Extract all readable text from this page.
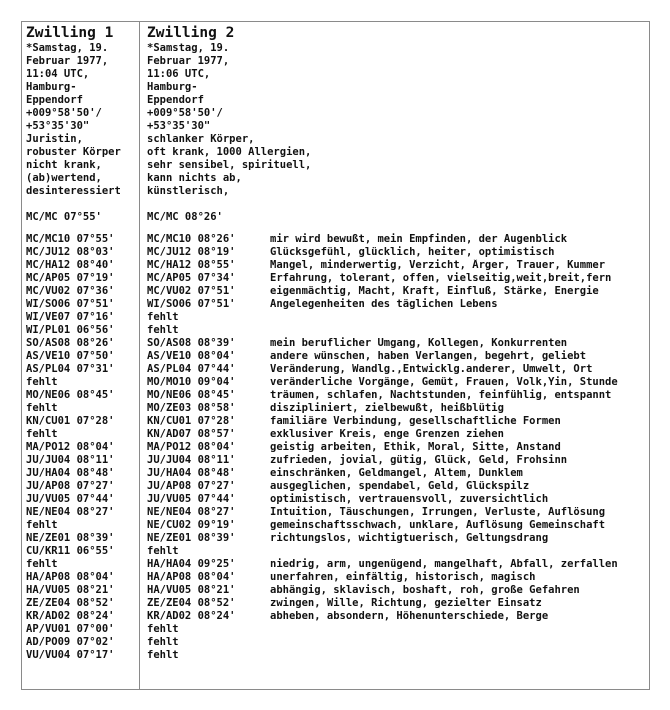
Zwilling 1
*Samstag, 19.
Februar 1977,
11:04 UTC,
Hamburg-
Eppendorf
+009°58'50'/
+53°35'30"
Juristin,
robuster Körper
nicht krank,
(ab)wertend,
desinteressiert
MC/MC 07°55'
MC/MC10 07°55'
MC/JU12 08°03'
MC/HA12 08°40'
MC/AP05 07°19'
MC/VU02 07°36'
WI/SO06 07°51'
WI/VE07 07°16'
WI/PL01 06°56'
SO/AS08 08°26'
AS/VE10 07°50'
AS/PL04 07°31'
fehlt
MO/NE06 08°45'
fehlt
KN/CU01 07°28'
fehlt
MA/PO12 08°04'
JU/JU04 08°11'
JU/HA04 08°48'
JU/AP08 07°27'
JU/VU05 07°44'
NE/NE04 08°27'
fehlt
NE/ZE01 08°39'
CU/KR11 06°55'
fehlt
HA/AP08 08°04'
HA/VU05 08°21'
ZE/ZE04 08°52'
KR/AD02 08°24'
AP/VU01 07°00'
AD/PO09 07°02'
VU/VU04 07°17'
Zwilling 2
*Samstag, 19.
Februar 1977,
11:06 UTC,
Hamburg-
Eppendorf
+009°58'50'/
+53°35'30"
schlanker Körper,
oft krank, 1000 Allergien,
sehr sensibel, spirituell,
kann nichts ab,
künstlerisch,
MC/MC 08°26'
MC/MC10 08°26'	mir wird bewußt, mein Empfinden, der Augenblick
MC/JU12 08°19'	Glücksgefühl, glücklich, heiter, optimistisch
MC/HA12 08°55'	Mangel, minderwertig, Verzicht, Ärger, Trauer, Kummer
MC/AP05 07°34'	Erfahrung, tolerant, offen, vielseitig,weit,breit,fern
MC/VU02 07°51'	eigenmächtig, Macht, Kraft, Einfluß, Stärke, Energie
WI/SO06 07°51'	Angelegenheiten des täglichen Lebens
fehlt
fehlt
SO/AS08 08°39'	mein beruflicher Umgang, Kollegen, Konkurrenten
AS/VE10 08°04'	andere wünschen, haben Verlangen, begehrt, geliebt
AS/PL04 07°44'	Veränderung, Wandlg.,Entwicklg.anderer, Umwelt, Ort
MO/MO10 09°04'	veränderliche Vorgänge, Gemüt, Frauen, Volk,Yin, Stunde
MO/NE06 08°45'	träumen, schlafen, Nachtstunden, feinfühlig, entspannt
MO/ZE03 08°58'	diszipliniert, zielbewußt, heißblütig
KN/CU01 07°28'	familiäre Verbindung, gesellschaftliche Formen
KN/AD07 08°57'	exklusiver Kreis, enge Grenzen ziehen
MA/PO12 08°04'	geistig arbeiten, Ethik, Moral, Sitte, Anstand
JU/JU04 08°11'	zufrieden, jovial, gütig, Glück, Geld, Frohsinn
JU/HA04 08°48'	einschränken, Geldmangel, Altem, Dunklem
JU/AP08 07°27'	ausgeglichen, spendabel, Geld, Glückspilz
JU/VU05 07°44'	optimistisch, vertrauensvoll, zuversichtlich
NE/NE04 08°27'	Intuition, Täuschungen, Irrungen, Verluste, Auflösung
NE/CU02 09°19'	gemeinschaftsschwach, unklare, Auflösung Gemeinschaft
NE/ZE01 08°39'	richtungslos, wichtigtuerisch, Geltungsdrang
fehlt
HA/HA04 09°25'	niedrig, arm, ungenügend, mangelhaft, Abfall, zerfallen
HA/AP08 08°04'	unerfahren, einfältig, historisch, magisch
HA/VU05 08°21'	abhängig, sklavisch, boshaft, roh, große Gefahren
ZE/ZE04 08°52'	zwingen, Wille, Richtung, gezielter Einsatz
KR/AD02 08°24'	abheben, absondern, Höhenunterschiede, Berge
fehlt
fehlt
fehlt
